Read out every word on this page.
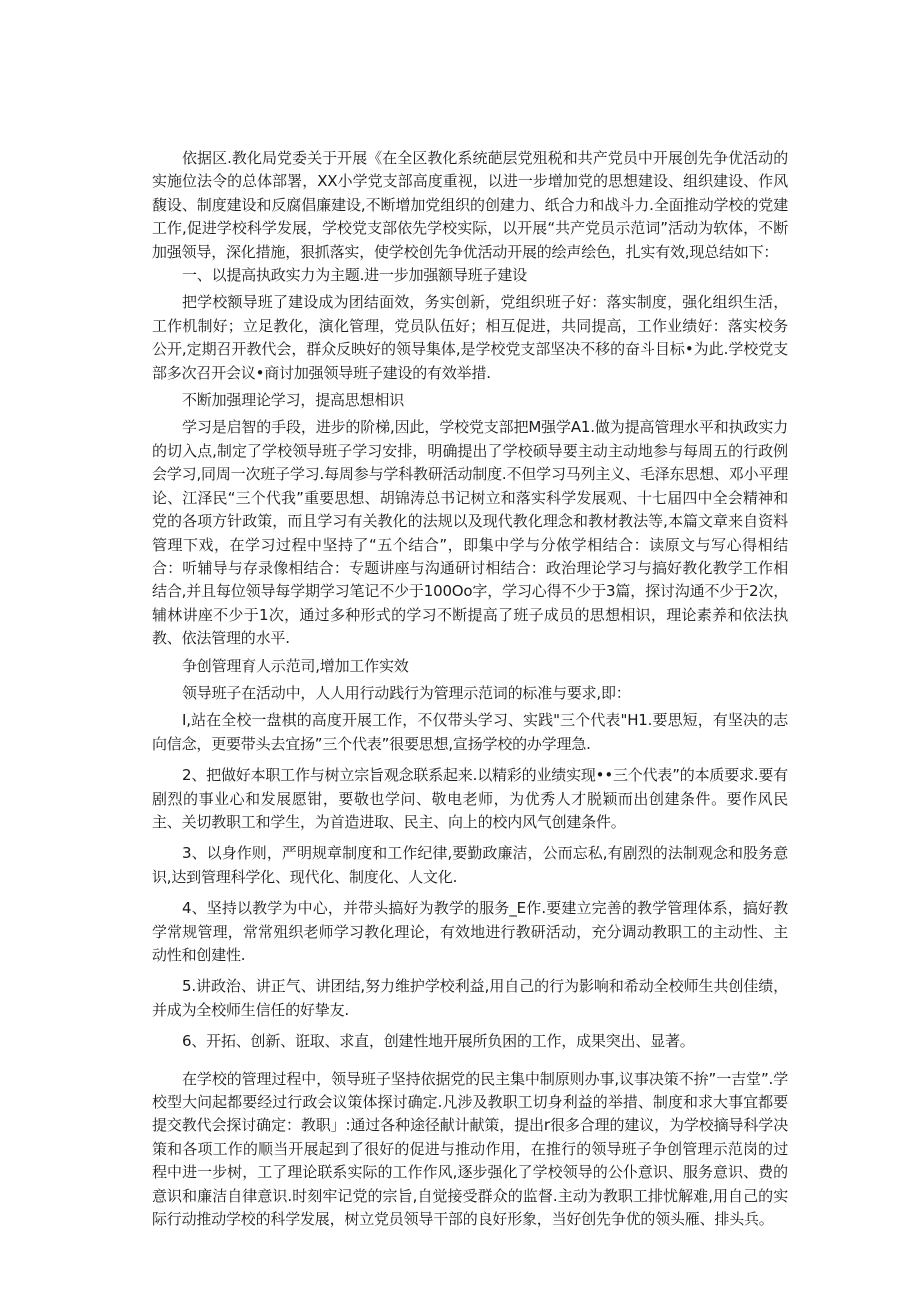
依据区.教化局党委关于开展《在全区教化系统葩层党殂税和共产党员中开展创先争优活动的实施位法令的总体部署，XX小学党支部高度重视，以进一步增加党的思想建设、组织建设、作风馥设、制度建设和反腐倡廉建设,不断增加党组织的创建力、纸合力和战斗力.全面推动学校的党建工作,促进学校科学发展，学校党支部依先学校实际，以开展“共产党员示范词”活动为软体，不断加强领导，深化措施，狠抓落实，使学校创先争优活动开展的绘声绘色，扎实有效,现总结如下：

一、以提高执政实力为主题.进一步加强额导班子建设

把学校额导班了建设成为团结面效，务实创新，党组织班子好：落实制度，强化组织生活，工作机制好；立足教化，演化管理，党员队伍好；相互促进，共同提高，工作业绩好：落实校务公开,定期召开教代会，群众反映好的领导集体,是学校党支部坚决不移的奋斗目标•为此.学校党支部多次召开会议•商讨加强领导班子建设的有效举措.

不断加强理论学习，提高思想相识

学习是启智的手段，进步的阶梯,因此，学校党支部把M强学A1.做为提高管理水平和执政实力的切入点,制定了学校领导班子学习安排，明确提出了学校硕导要主动主动地参与每周五的行政例会学习,同周一次班子学习.每周参与学科教研活动制度.不但学习马列主义、毛泽东思想、邓小平理论、江泽民“三个代我”重要思想、胡锦涛总书记树立和落实科学发展观、十七届四中全会精神和党的各项方针政策，而且学习有关教化的法规以及现代教化理念和教材教法等,本篇文章来自资料管理下戏，在学习过程中坚持了“五个结合”，即集中学与分侬学相结合：读原文与写心得相结合：听辅导与存录像相结合：专题讲座与沟通研讨相结合：政治理论学习与搞好教化教学工作相结合,并且每位领导每学期学习笔记不少于100Oo字，学习心得不少于3篇，探讨沟通不少于2次，辅林讲座不少于1次，通过多种形式的学习不断提高了班子成员的思想相识，理论素养和依法执教、依法管理的水平.

争创管理育人示范司,增加工作实效

领导班子在活动中，人人用行动践行为管理示范词的标准与要求,即：

I,站在全校一盘棋的高度开展工作，不仅带头学习、实践"三个代表"H1.要思短，有坚决的志向信念，更要带头去宜扬”三个代表”很要思想,宣扬学校的办学理急.

2、把做好本职工作与树立宗旨观念联系起来.以精彩的业绩实现••三个代表”的本质要求.要有剧烈的事业心和发展愿钳，要敬也学问、敬电老师，为优秀人才脱颖而出创建条件。要作风民主、关切教职工和学生，为首造进取、民主、向上的校内风气创建条件。

3、以身作则，严明规章制度和工作纪律,要勤政廉洁，公而忘私,有剧烈的法制观念和股务意识,达到管理科学化、现代化、制度化、人文化.

4、坚持以教学为中心，并带头搞好为教学的服务_E作.要建立完善的教学管理体系，搞好教学常规管理，常常殂织老师学习教化理论，有效地进行教研活动，充分调动教职工的主动性、主动性和创建性.

5.讲政治、讲正气、讲团结,努力维护学校利益,用自己的行为影响和希动全校师生共创佳绩，并成为全校师生信任的好挚友.

6、开拓、创新、诳取、求直，创建性地开展所负困的工作，成果突出、显著。

在学校的管理过程中，领导班子坚持依据党的民主集中制原则办事,议事决策不拚”一吉堂”.学校型大问起都要经过行政会议策体探讨确定.凡涉及教职工切身利益的举措、制度和求大事宜都要提交教代会探讨确定：教职」:通过各种途径献计献策，提出r很多合理的建议，为学校摘导科学决策和各项工作的顺当开展起到了很好的促进与推动作用，在推行的领导班子争创管理示范岗的过程中进一步树，工了理论联系实际的工作作风,逐步强化了学校领导的公仆意识、服务意识、费的意识和廉洁自律意识.时刻牢记党的宗旨,自觉接受群众的监督.主动为教职工排忧解难,用自己的实际行动推动学校的科学发展，树立党员领导干部的良好形象，当好创先争优的领头雁、排头兵。
